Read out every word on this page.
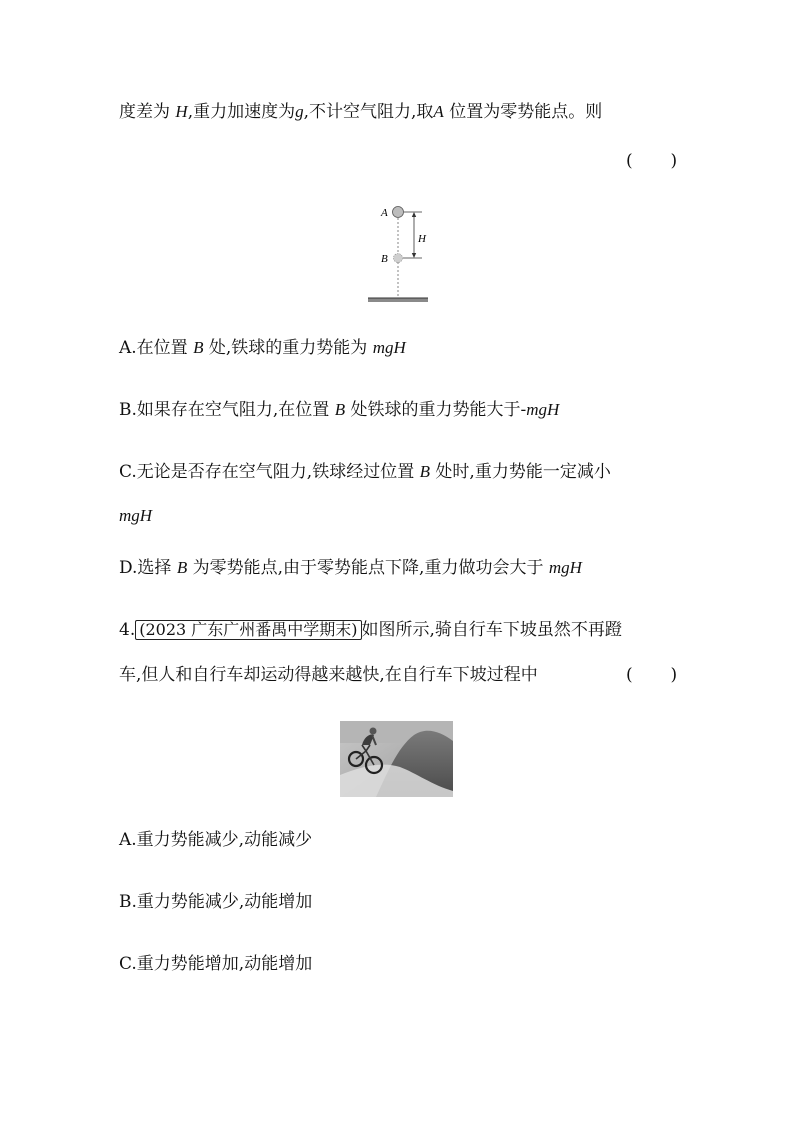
度差为 H,重力加速度为g,不计空气阻力,取A 位置为零势能点。则
(       )
A
H
B
A.在位置 B 处,铁球的重力势能为 mgH
B.如果存在空气阻力,在位置 B 处铁球的重力势能大于-mgH
C.无论是否存在空气阻力,铁球经过位置 B 处时,重力势能一定减小
mgH
D.选择 B 为零势能点,由于零势能点下降,重力做功会大于 mgH
4. (2023 广东广州番禺中学期末) 如图所示,骑自行车下坡虽然不再蹬
车,但人和自行车却运动得越来越快,在自行车下坡过程中	(       )
A.重力势能减少,动能减少
B.重力势能减少,动能增加
C.重力势能增加,动能增加
